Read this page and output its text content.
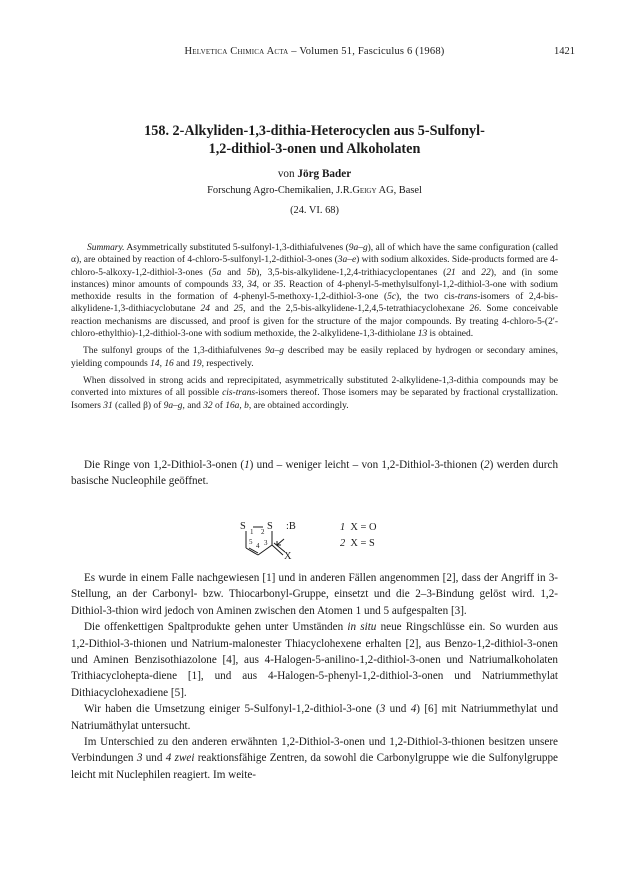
Helvetica Chimica Acta – Volumen 51, Fasciculus 6 (1968)	1421

158. 2-Alkyliden-1,3-dithia-Heterocyclen aus 5-Sulfonyl-
1,2-dithiol-3-onen und Alkoholaten

von Jörg Bader
Forschung Agro-Chemikalien, J.R.Geigy AG, Basel
(24. VI. 68)

Summary. Asymmetrically substituted 5-sulfonyl-1,3-dithiafulvenes (9a–g), all of which have the same configuration (called α), are obtained by reaction of 4-chloro-5-sulfonyl-1,2-dithiol-3-ones (3a–e) with sodium alkoxides. Side-products formed are 4-chloro-5-alkoxy-1,2-dithiol-3-ones (5a and 5b), 3,5-bis-alkylidene-1,2,4-trithiacyclopentanes (21 and 22), and (in some instances) minor amounts of compounds 33, 34, or 35. Reaction of 4-phenyl-5-methylsulfonyl-1,2-dithiol-3-one with sodium methoxide results in the formation of 4-phenyl-5-methoxy-1,2-dithiol-3-one (5c), the two cis-trans-isomers of 2,4-bis-alkylidene-1,3-dithiacyclobutane 24 and 25, and the 2,5-bis-alkylidene-1,2,4,5-tetrathiacyclohexane 26. Some conceivable reaction mechanisms are discussed, and proof is given for the structure of the major compounds. By treating 4-chloro-5-(2′-chloro-ethylthio)-1,2-dithiol-3-one with sodium methoxide, the 2-alkylidene-1,3-dithiolane 13 is obtained.

The sulfonyl groups of the 1,3-dithiafulvenes 9a–g described may be easily replaced by hydrogen or secondary amines, yielding compounds 14, 16 and 19, respectively.

When dissolved in strong acids and reprecipitated, asymmetrically substituted 2-alkylidene-1,3-dithia compounds may be converted into mixtures of all possible cis-trans-isomers thereof. Those isomers may be separated by fractional crystallization. Isomers 31 (called β) of 9a–g, and 32 of 16a, b, are obtained accordingly.

Die Ringe von 1,2-Dithiol-3-onen (1) und – weniger leicht – von 1,2-Dithiol-3-thionen (2) werden durch basische Nucleophile geöffnet.

S S
1 2
3
4
5
:B
X
1 X = O
2 X = S

Es wurde in einem Falle nachgewiesen [1] und in anderen Fällen angenommen [2], dass der Angriff in 3-Stellung, an der Carbonyl- bzw. Thiocarbonyl-Gruppe, einsetzt und die 2–3-Bindung gelöst wird. 1,2-Dithiol-3-thion wird jedoch von Aminen zwischen den Atomen 1 und 5 aufgespalten [3].

Die offenkettigen Spaltprodukte gehen unter Umständen in situ neue Ringschlüsse ein. So wurden aus 1,2-Dithiol-3-thionen und Natrium-malonester Thiacyclohexene erhalten [2], aus Benzo-1,2-dithiol-3-onen und Aminen Benzisothiazolone [4], aus 4-Halogen-5-anilino-1,2-dithiol-3-onen und Natriumalkoholaten Trithiacyclohepta-diene [1], und aus 4-Halogen-5-phenyl-1,2-dithiol-3-onen und Natriummethylat Dithiacyclohexadiene [5].

Wir haben die Umsetzung einiger 5-Sulfonyl-1,2-dithiol-3-one (3 und 4) [6] mit Natriummethylat und Natriumäthylat untersucht.

Im Unterschied zu den anderen erwähnten 1,2-Dithiol-3-onen und 1,2-Dithiol-3-thionen besitzen unsere Verbindungen 3 und 4 zwei reaktionsfähige Zentren, da sowohl die Carbonylgruppe wie die Sulfonylgruppe leicht mit Nuclephilen reagiert. Im weite-
